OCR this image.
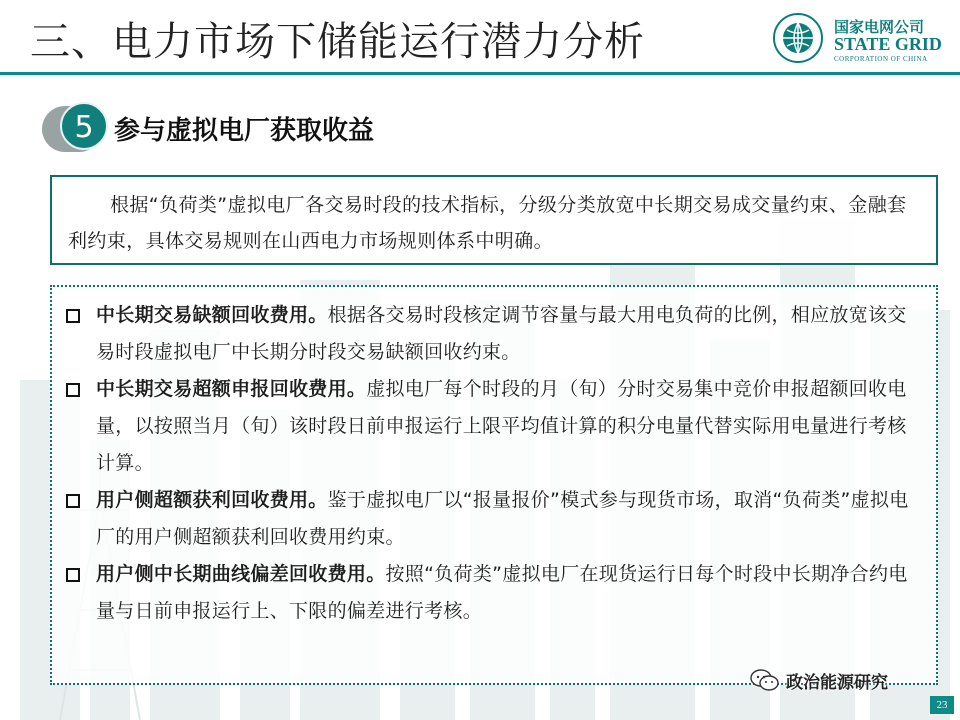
三、电力市场下储能运行潜力分析	国家电网公司
STATE GRID
CORPORATION OF CHINA
5 参与虚拟电厂获取收益

根据“负荷类”虚拟电厂各交易时段的技术指标，分级分类放宽中长期交易成交量约束、金融套利约束，具体交易规则在山西电力市场规则体系中明确。

中长期交易缺额回收费用。根据各交易时段核定调节容量与最大用电负荷的比例，相应放宽该交易时段虚拟电厂中长期分时段交易缺额回收约束。
中长期交易超额申报回收费用。虚拟电厂每个时段的月（旬）分时交易集中竞价申报超额回收电量，以按照当月（旬）该时段日前申报运行上限平均值计算的积分电量代替实际用电量进行考核计算。
用户侧超额获利回收费用。鉴于虚拟电厂以“报量报价”模式参与现货市场，取消“负荷类”虚拟电厂的用户侧超额获利回收费用约束。
用户侧中长期曲线偏差回收费用。按照“负荷类”虚拟电厂在现货运行日每个时段中长期净合约电量与日前申报运行上、下限的偏差进行考核。
政治能源研究
23
